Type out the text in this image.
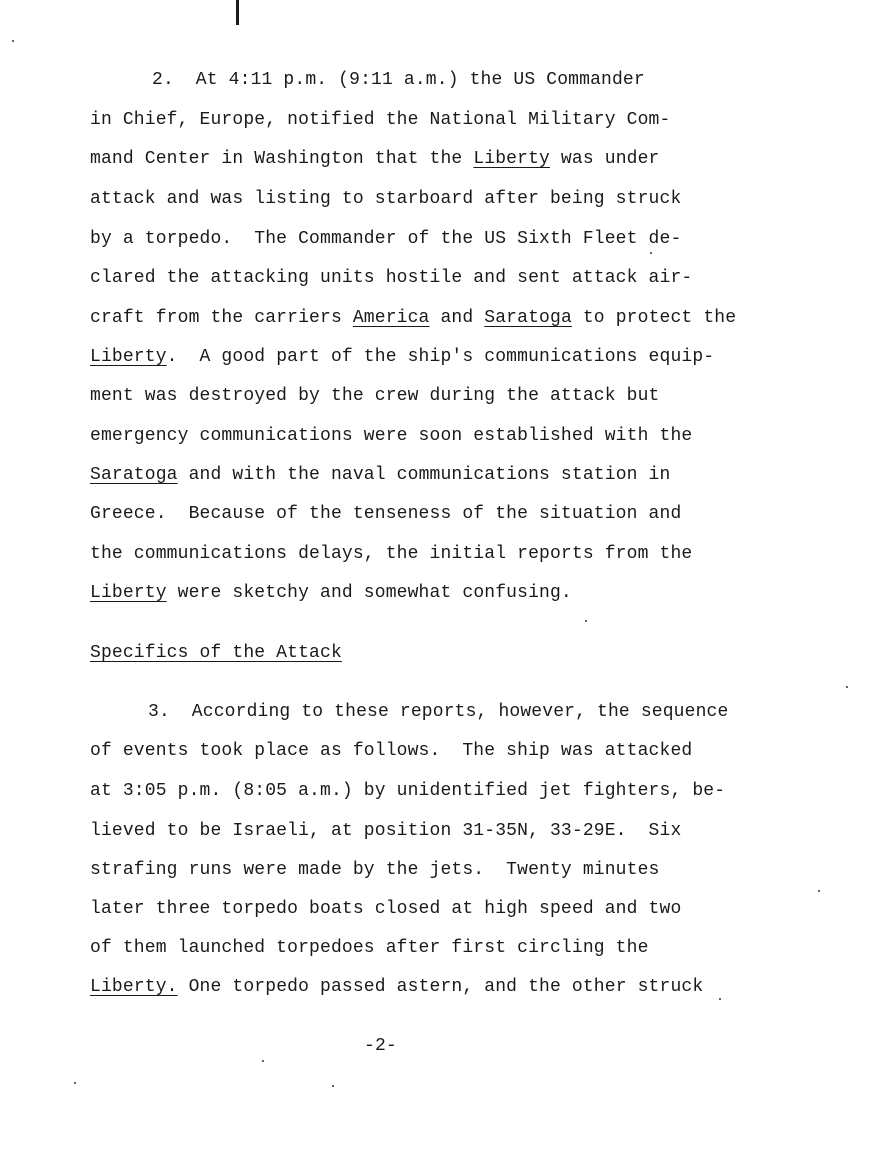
2.  At 4:11 p.m. (9:11 a.m.) the US Commander
in Chief, Europe, notified the National Military Com-
mand Center in Washington that the Liberty was under
attack and was listing to starboard after being struck
by a torpedo.  The Commander of the US Sixth Fleet de-
clared the attacking units hostile and sent attack air-
craft from the carriers America and Saratoga to protect the
Liberty.  A good part of the ship's communications equip-
ment was destroyed by the crew during the attack but
emergency communications were soon established with the
Saratoga and with the naval communications station in
Greece.  Because of the tenseness of the situation and
the communications delays, the initial reports from the
Liberty were sketchy and somewhat confusing.
Specifics of the Attack
3.  According to these reports, however, the sequence
of events took place as follows.  The ship was attacked
at 3:05 p.m. (8:05 a.m.) by unidentified jet fighters, be-
lieved to be Israeli, at position 31-35N, 33-29E.  Six
strafing runs were made by the jets.  Twenty minutes
later three torpedo boats closed at high speed and two
of them launched torpedoes after first circling the
Liberty. One torpedo passed astern, and the other struck
-2-
